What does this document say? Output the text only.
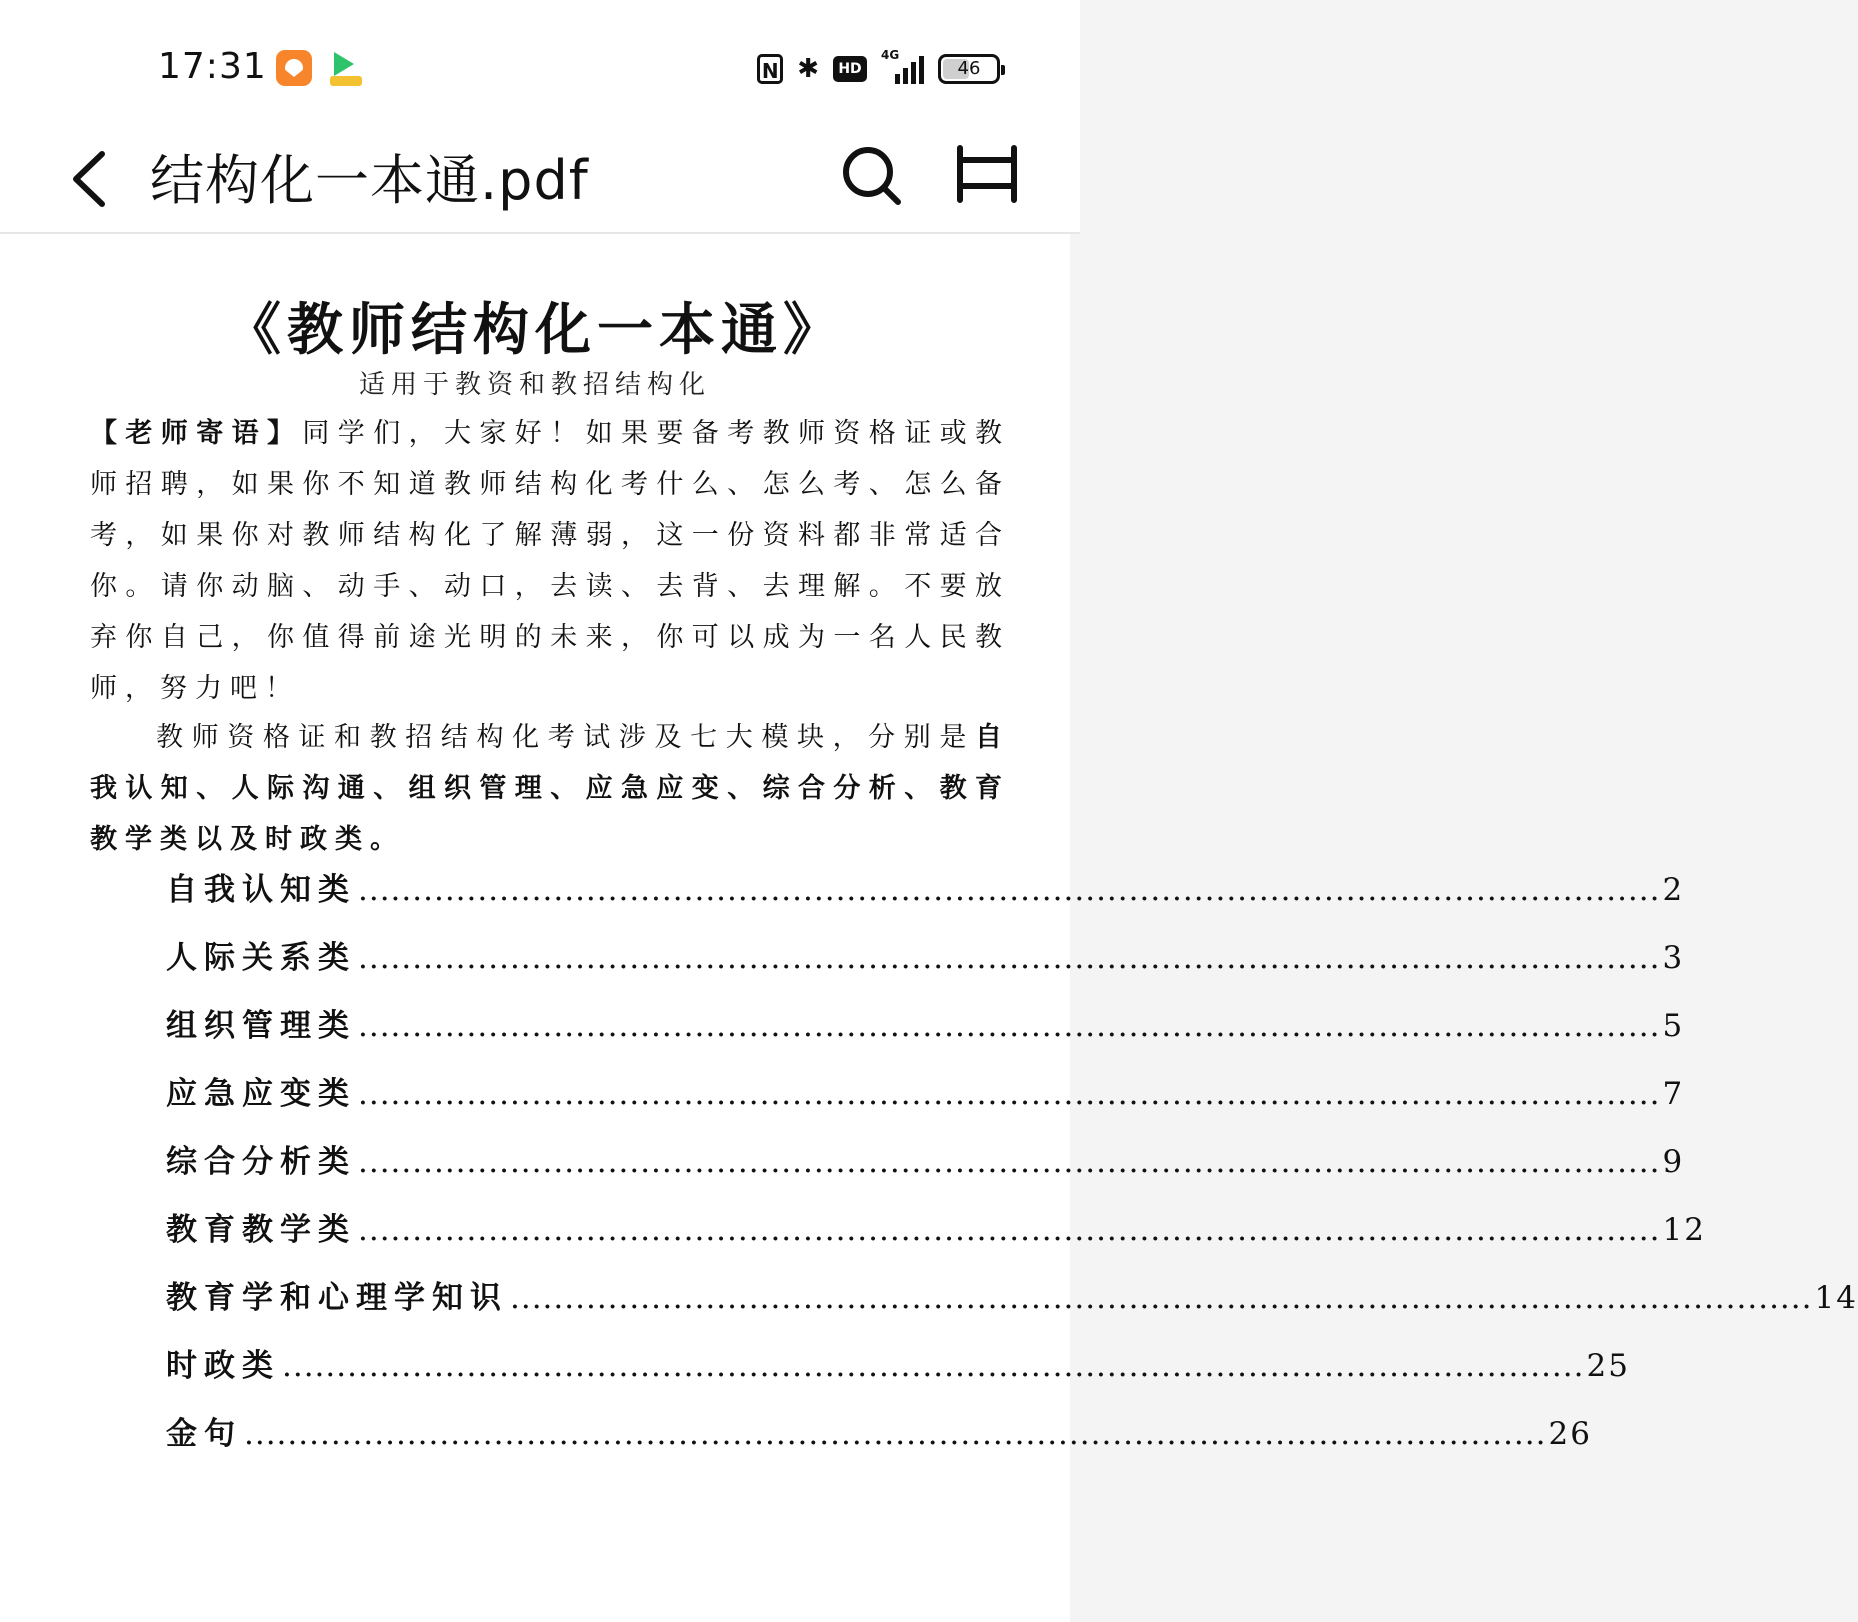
17:31	N ✱	HD
4G
46
结构化一本通.pdf
《教师结构化一本通》
适用于教资和教招结构化
【老师寄语】同学们，大家好！如果要备考教师资格证或教师招聘，如果你不知道教师结构化考什么、怎么考、怎么备考，如果你对教师结构化了解薄弱，这一份资料都非常适合你。请你动脑、动手、动口，去读、去背、去理解。不要放弃你自己，你值得前途光明的未来，你可以成为一名人民教师，努力吧！
教师资格证和教招结构化考试涉及七大模块，分别是自我认知、人际沟通、组织管理、应急应变、综合分析、教育教学类以及时政类。
自我认知类 ........................................................................................................................ 2
人际关系类 ........................................................................................................................ 3
组织管理类 ........................................................................................................................ 5
应急应变类 ........................................................................................................................ 7
综合分析类 ........................................................................................................................ 9
教育教学类 ........................................................................................................................ 12
教育学和心理学知识 ........................................................................................................................ 14
时政类 ........................................................................................................................ 25
金句 ........................................................................................................................ 26
